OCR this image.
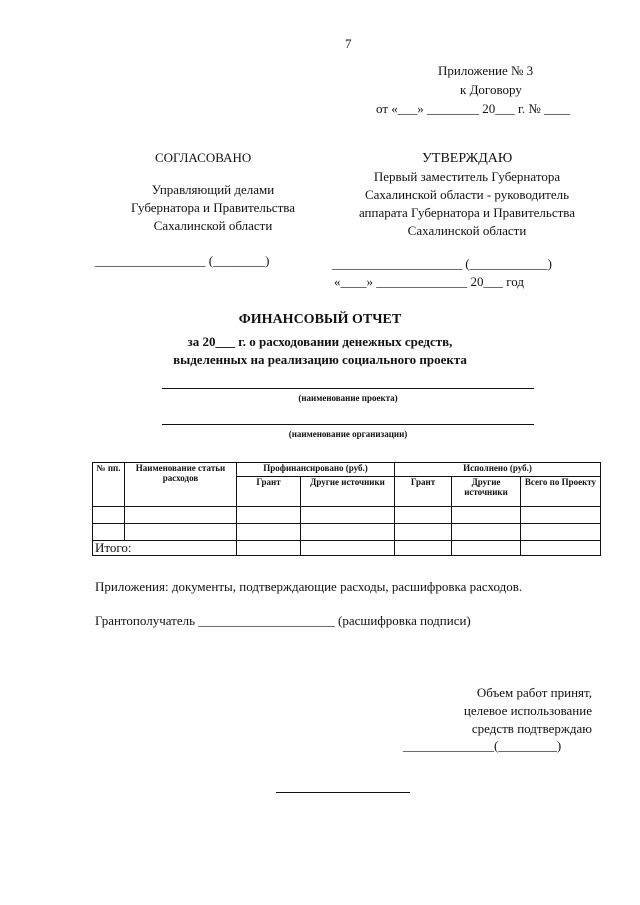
7
Приложение № 3
к Договору
от «___» ________ 20___ г. № ____
СОГЛАСОВАНО
Управляющий делами
Губернатора и Правительства
Сахалинской области
_________________ (________)
УТВЕРЖДАЮ
Первый заместитель Губернатора
Сахалинской области - руководитель
аппарата Губернатора и Правительства
Сахалинской области
____________________ (____________)
«____» ______________ 20___ год
ФИНАНСОВЫЙ ОТЧЕТ
за 20___ г. о расходовании денежных средств,
выделенных на реализацию социального проекта
(наименование проекта)
(наименование организации)
№ пп.	Наименование статьи расходов	Профинансировано (руб.)		Исполнено (руб.)		
		Грант	Другие источники	Грант	Другие источники	Всего по Проекту

Итого:						
Приложения: документы, подтверждающие расходы, расшифровка расходов.
Грантополучатель _____________________ (расшифровка подписи)
Объем работ принят,
целевое использование
средств подтверждаю
______________(_________)
